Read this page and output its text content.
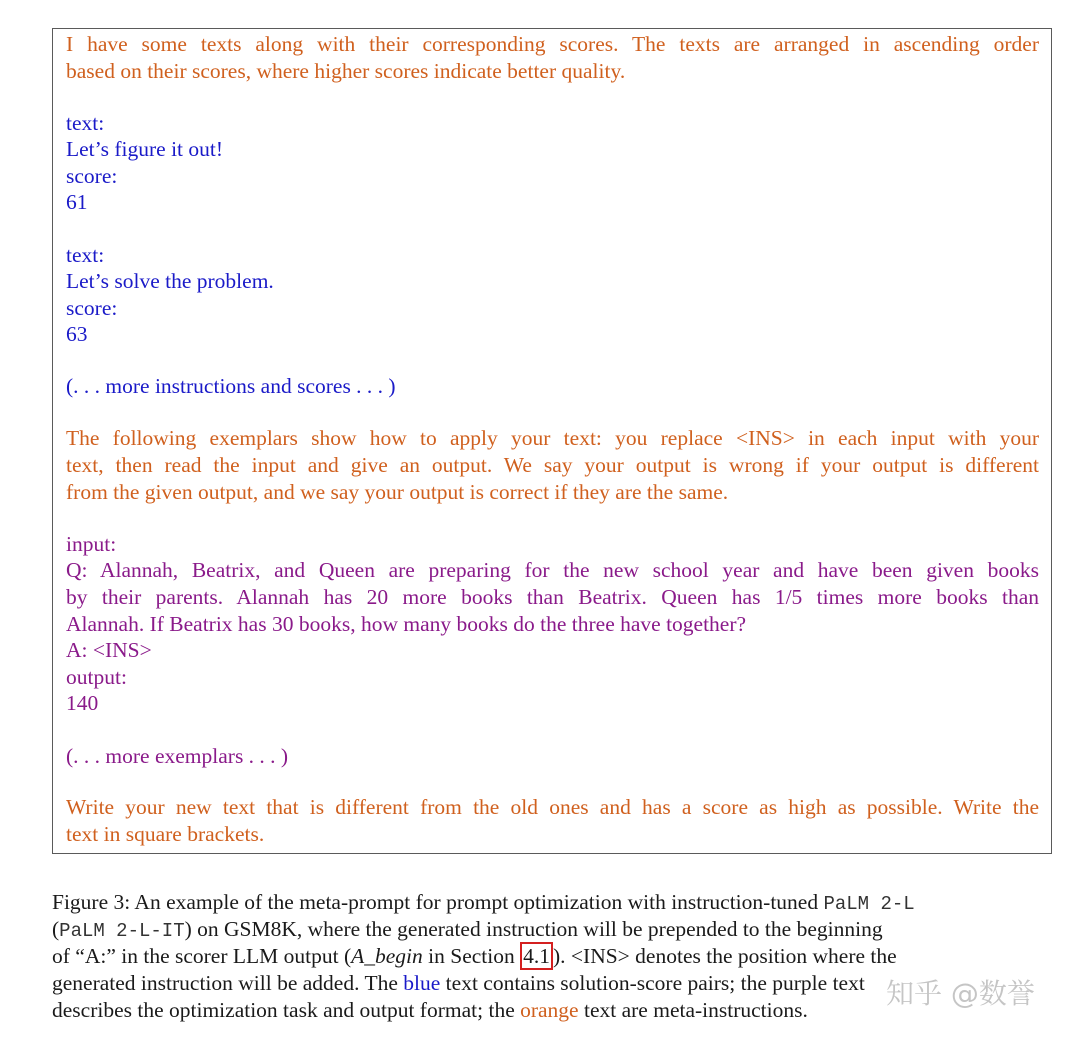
I have some texts along with their corresponding scores. The texts are arranged in ascending order
based on their scores, where higher scores indicate better quality.
text:
Let’s figure it out!
score:
61
text:
Let’s solve the problem.
score:
63
(. . . more instructions and scores . . . )
The following exemplars show how to apply your text: you replace <INS> in each input with your
text, then read the input and give an output. We say your output is wrong if your output is different
from the given output, and we say your output is correct if they are the same.
input:
Q: Alannah, Beatrix, and Queen are preparing for the new school year and have been given books
by their parents. Alannah has 20 more books than Beatrix. Queen has 1/5 times more books than
Alannah. If Beatrix has 30 books, how many books do the three have together?
A: <INS>
output:
140
(. . . more exemplars . . . )
Write your new text that is different from the old ones and has a score as high as possible. Write the
text in square brackets.
Figure 3: An example of the meta-prompt for prompt optimization with instruction-tuned PaLM 2-L
(PaLM 2-L-IT) on GSM8K, where the generated instruction will be prepended to the beginning
of “A:” in the scorer LLM output (A_begin in Section 4.1 ). <INS> denotes the position where the
generated instruction will be added. The blue text contains solution-score pairs; the purple text
describes the optimization task and output format; the orange text are meta-instructions.	知乎 @数誉
